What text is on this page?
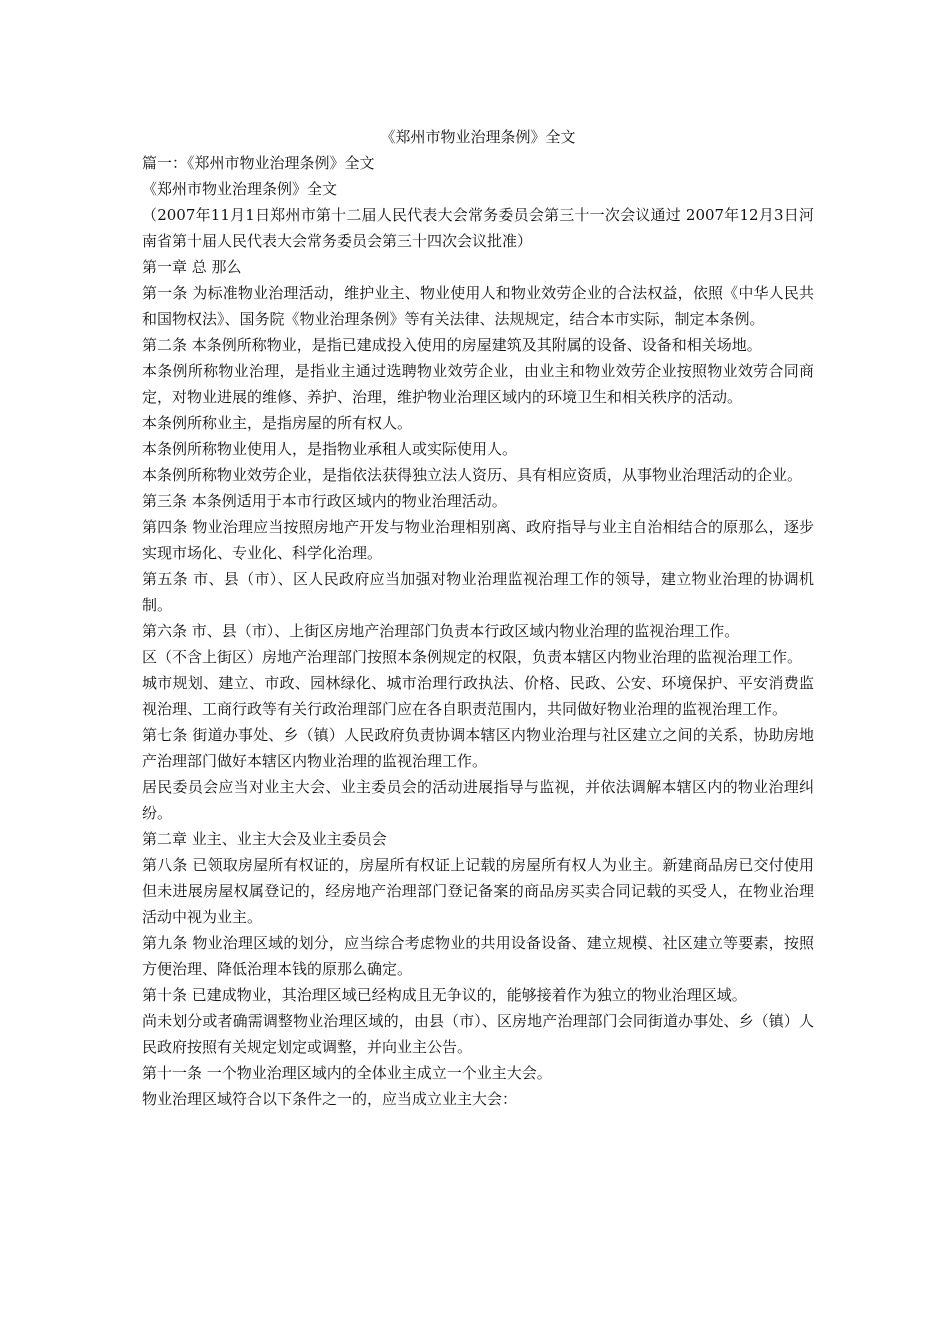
《郑州市物业治理条例》全文

篇一：《郑州市物业治理条例》全文

《郑州市物业治理条例》全文

（2007年11月1日郑州市第十二届人民代表大会常务委员会第三十一次会议通过 2007年12月3日河南省第十届人民代表大会常务委员会第三十四次会议批准）

第一章 总 那么

第一条 为标准物业治理活动，维护业主、物业使用人和物业效劳企业的合法权益，依照《中华人民共和国物权法》、国务院《物业治理条例》等有关法律、法规规定，结合本市实际，制定本条例。

第二条 本条例所称物业，是指已建成投入使用的房屋建筑及其附属的设备、设备和相关场地。

本条例所称物业治理，是指业主通过选聘物业效劳企业，由业主和物业效劳企业按照物业效劳合同商定，对物业进展的维修、养护、治理，维护物业治理区域内的环境卫生和相关秩序的活动。

本条例所称业主，是指房屋的所有权人。

本条例所称物业使用人，是指物业承租人或实际使用人。

本条例所称物业效劳企业，是指依法获得独立法人资历、具有相应资质，从事物业治理活动的企业。

第三条 本条例适用于本市行政区域内的物业治理活动。

第四条 物业治理应当按照房地产开发与物业治理相别离、政府指导与业主自治相结合的原那么，逐步实现市场化、专业化、科学化治理。

第五条 市、县（市）、区人民政府应当加强对物业治理监视治理工作的领导，建立物业治理的协调机制。

第六条 市、县（市）、上街区房地产治理部门负责本行政区域内物业治理的监视治理工作。

区（不含上街区）房地产治理部门按照本条例规定的权限，负责本辖区内物业治理的监视治理工作。

城市规划、建立、市政、园林绿化、城市治理行政执法、价格、民政、公安、环境保护、平安消费监视治理、工商行政等有关行政治理部门应在各自职责范围内，共同做好物业治理的监视治理工作。

第七条 街道办事处、乡（镇）人民政府负责协调本辖区内物业治理与社区建立之间的关系，协助房地产治理部门做好本辖区内物业治理的监视治理工作。

居民委员会应当对业主大会、业主委员会的活动进展指导与监视，并依法调解本辖区内的物业治理纠纷。

第二章 业主、业主大会及业主委员会

第八条 已领取房屋所有权证的，房屋所有权证上记载的房屋所有权人为业主。新建商品房已交付使用但未进展房屋权属登记的，经房地产治理部门登记备案的商品房买卖合同记载的买受人，在物业治理活动中视为业主。

第九条 物业治理区域的划分，应当综合考虑物业的共用设备设备、建立规模、社区建立等要素，按照方便治理、降低治理本钱的原那么确定。

第十条 已建成物业，其治理区域已经构成且无争议的，能够接着作为独立的物业治理区域。

尚未划分或者确需调整物业治理区域的，由县（市）、区房地产治理部门会同街道办事处、乡（镇）人民政府按照有关规定划定或调整，并向业主公告。

第十一条 一个物业治理区域内的全体业主成立一个业主大会。

物业治理区域符合以下条件之一的，应当成立业主大会：
